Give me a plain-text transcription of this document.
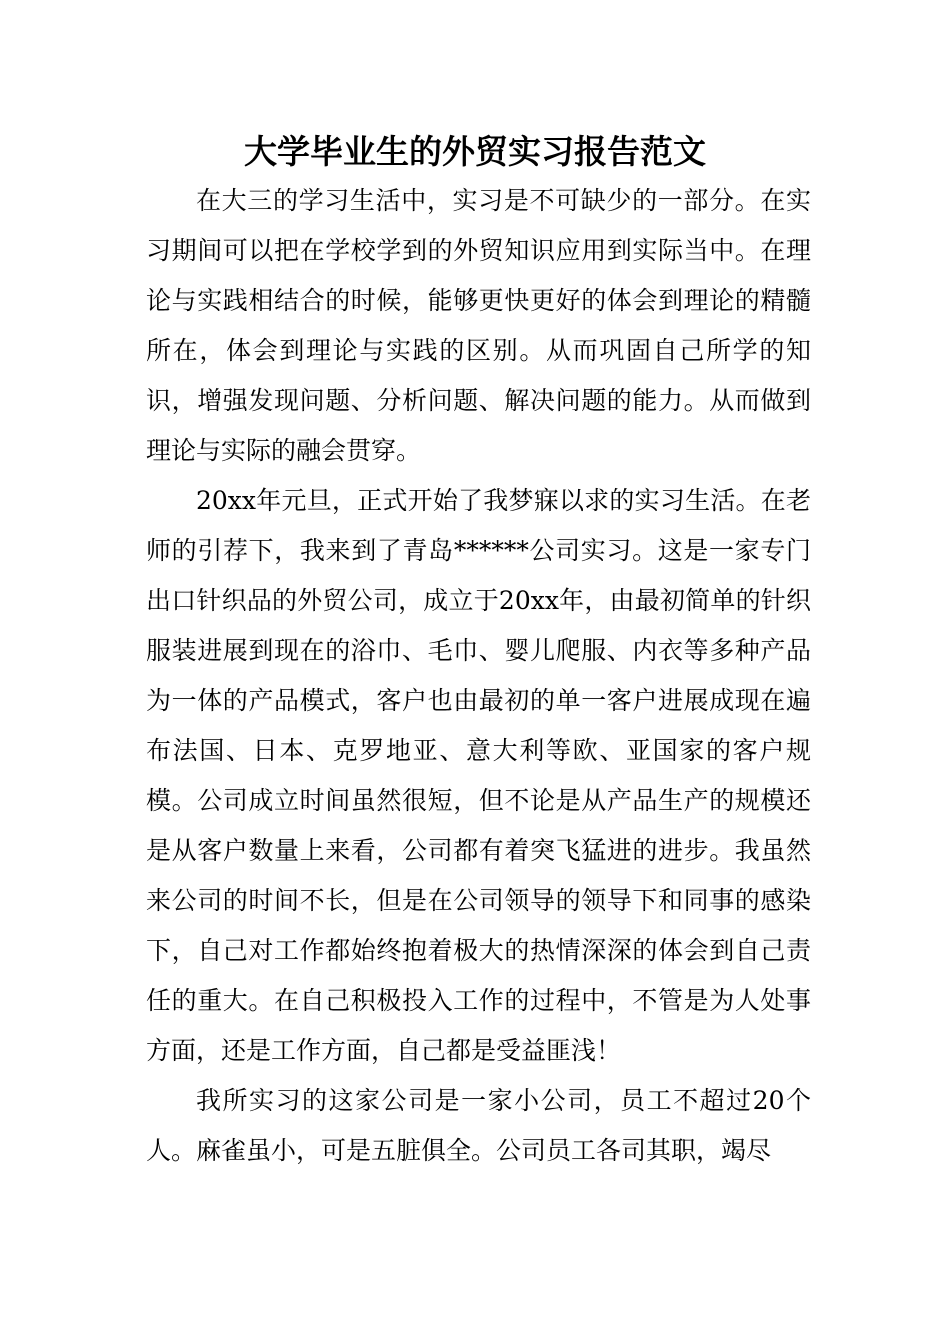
大学毕业生的外贸实习报告范文

在大三的学习生活中，实习是不可缺少的一部分。在实习期间可以把在学校学到的外贸知识应用到实际当中。在理论与实践相结合的时候，能够更快更好的体会到理论的精髓所在，体会到理论与实践的区别。从而巩固自己所学的知识，增强发现问题、分析问题、解决问题的能力。从而做到理论与实际的融会贯穿。

20xx年元旦，正式开始了我梦寐以求的实习生活。在老师的引荐下，我来到了青岛******公司实习。这是一家专门出口针织品的外贸公司，成立于20xx年，由最初简单的针织服装进展到现在的浴巾、毛巾、婴儿爬服、内衣等多种产品为一体的产品模式，客户也由最初的单一客户进展成现在遍布法国、日本、克罗地亚、意大利等欧、亚国家的客户规模。公司成立时间虽然很短，但不论是从产品生产的规模还是从客户数量上来看，公司都有着突飞猛进的进步。我虽然来公司的时间不长，但是在公司领导的领导下和同事的感染下，自己对工作都始终抱着极大的热情深深的体会到自己责任的重大。在自己积极投入工作的过程中，不管是为人处事方面，还是工作方面，自己都是受益匪浅！

我所实习的这家公司是一家小公司，员工不超过20个人。麻雀虽小，可是五脏俱全。公司员工各司其职，竭尽
